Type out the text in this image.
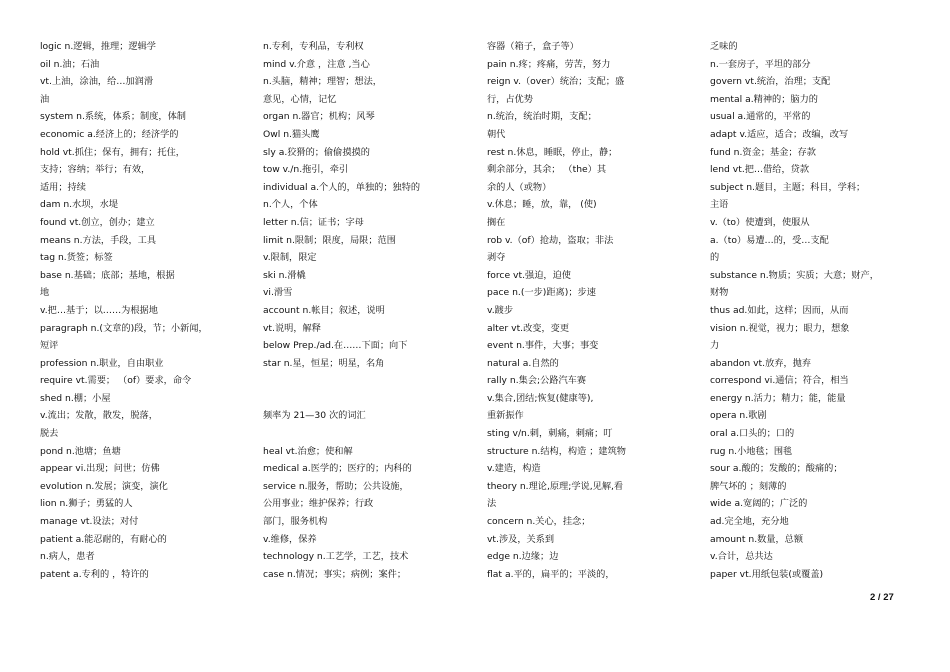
logic n.逻辑，推理；逻辑学
oil n.油；石油
vt.上油，涂油，给…加润滑
油
system n.系统，体系；制度，体制
economic a.经济上的；经济学的
hold vt.抓住；保有，拥有；托住，
支持；容纳；举行；有效，
适用；持续
dam n.水坝，水堤
found vt.创立，创办；建立
means n.方法，手段，工具
tag n.货签；标签
base n.基础；底部；基地，根据
地
v.把…基于；以……为根据地
paragraph n.(文章的)段，节；小新闻，
短评
profession n.职业，自由职业
require vt.需要； （of）要求，命令
shed n.棚；小屋
v.流出；发散，散发，脱落，
脱去
pond n.池塘；鱼塘
appear vi.出现；问世；仿佛
evolution n.发展；演变，演化
lion n.狮子；勇猛的人
manage vt.设法；对付
patient a.能忍耐的，有耐心的
n.病人，患者
patent a.专利的 ，特许的
n.专利，专利品，专利权
mind v.介意 ，注意 ,当心
n.头脑，精神；理智；想法，
意见，心情，记忆
organ n.器官；机构；风琴
Owl n.猫头鹰
sly a.狡猾的；偷偷摸摸的
tow v./n.拖引，牵引
individual a.个人的，单独的；独特的
n.个人，个体
letter n.信；证书；字母
limit n.限制；限度，局限；范围
v.限制，限定
ski n.滑橇
vi.滑雪
account n.帐目；叙述，说明
vt.说明，解释
below Prep./ad.在……下面；向下
star n.星，恒星；明星，名角
频率为 21—30 次的词汇
heal vt.治愈；使和解
medical a.医学的；医疗的；内科的
service n.服务，帮助；公共设施，
公用事业；维护保养；行政
部门，服务机构
v.维修，保养
technology n.工艺学，工艺，技术
case n.情况；事实；病例；案件；
容器（箱子，盒子等）
pain n.疼；疼痛，劳苦，努力
reign v.（over）统治；支配；盛
行，占优势
n.统治，统治时期，支配；
朝代
rest n.休息，睡眠，停止，静；
剩余部分，其余； （the）其
余的人（或物）
v.休息；睡，放，靠， (使)
搁在
rob v.（of）抢劫，盗取；非法
剥夺
force vt.强迫，迫使
pace n.(一步)距离)；步速
v.踱步
alter vt.改变，变更
event n.事件，大事；事变
natural a.自然的
rally n.集会;公路汽车赛
v.集合,团结;恢复(健康等),
重新振作
sting v/n.刺，刺痛，刺痛；叮
structure n.结构，构造 ；建筑物
v.建造，构造
theory n.理论,原理;学说,见解,看
法
concern n.关心，挂念；
vt.涉及，关系到
edge n.边缘；边
flat a.平的，扁平的；平淡的，
乏味的
n.一套房子，平坦的部分
govern vt.统治，治理；支配
mental a.精神的；脑力的
usual a.通常的，平常的
adapt v.适应，适合；改编，改写
fund n.资金；基金；存款
lend vt.把…借给，贷款
subject n.题目，主题；科目，学科；
主语
v.（to）使遭到，使服从
a.（to）易遭…的，受…支配
的
substance n.物质；实质；大意；财产，
财物
thus ad.如此，这样；因而，从而
vision n.视觉，视力；眼力，想象
力
abandon vt.放弃，抛弃
correspond vi.通信；符合，相当
energy n.活力；精力；能，能量
opera n.歌剧
oral a.口头的；口的
rug n.小地毯；围毯
sour a.酸的；发酸的；酸痛的；
脾气坏的 ；刻薄的
wide a.宽阔的；广泛的
ad.完全地，充分地
amount n.数量，总额
v.合计，总共达
paper vt.用纸包装(或覆盖)
2 / 27
